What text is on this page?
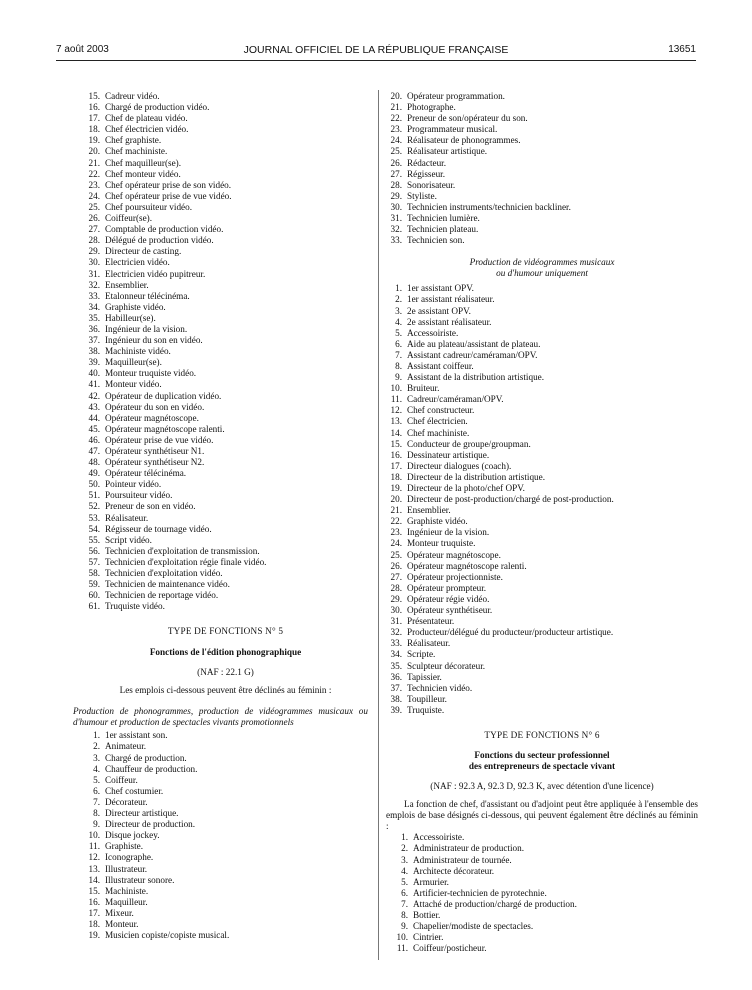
7 août 2003	JOURNAL OFFICIEL DE LA RÉPUBLIQUE FRANÇAISE	13651
15. Cadreur vidéo.
16. Chargé de production vidéo.
17. Chef de plateau vidéo.
18. Chef électricien vidéo.
19. Chef graphiste.
20. Chef machiniste.
21. Chef maquilleur(se).
22. Chef monteur vidéo.
23. Chef opérateur prise de son vidéo.
24. Chef opérateur prise de vue vidéo.
25. Chef poursuiteur vidéo.
26. Coiffeur(se).
27. Comptable de production vidéo.
28. Délégué de production vidéo.
29. Directeur de casting.
30. Electricien vidéo.
31. Electricien vidéo pupitreur.
32. Ensemblier.
33. Etalonneur télécinéma.
34. Graphiste vidéo.
35. Habilleur(se).
36. Ingénieur de la vision.
37. Ingénieur du son en vidéo.
38. Machiniste vidéo.
39. Maquilleur(se).
40. Monteur truquiste vidéo.
41. Monteur vidéo.
42. Opérateur de duplication vidéo.
43. Opérateur du son en vidéo.
44. Opérateur magnétoscope.
45. Opérateur magnétoscope ralenti.
46. Opérateur prise de vue vidéo.
47. Opérateur synthétiseur N1.
48. Opérateur synthétiseur N2.
49. Opérateur télécinéma.
50. Pointeur vidéo.
51. Poursuiteur vidéo.
52. Preneur de son en vidéo.
53. Réalisateur.
54. Régisseur de tournage vidéo.
55. Script vidéo.
56. Technicien d'exploitation de transmission.
57. Technicien d'exploitation régie finale vidéo.
58. Technicien d'exploitation vidéo.
59. Technicien de maintenance vidéo.
60. Technicien de reportage vidéo.
61. Truquiste vidéo.
TYPE DE FONCTIONS N° 5
Fonctions de l'édition phonographique
(NAF : 22.1 G)
Les emplois ci-dessous peuvent être déclinés au féminin :
Production de phonogrammes, production de vidéogrammes musicaux ou d'humour et production de spectacles vivants promotionnels
1. 1er assistant son.
2. Animateur.
3. Chargé de production.
4. Chauffeur de production.
5. Coiffeur.
6. Chef costumier.
7. Décorateur.
8. Directeur artistique.
9. Directeur de production.
10. Disque jockey.
11. Graphiste.
12. Iconographe.
13. Illustrateur.
14. Illustrateur sonore.
15. Machiniste.
16. Maquilleur.
17. Mixeur.
18. Monteur.
19. Musicien copiste/copiste musical.
20. Opérateur programmation.
21. Photographe.
22. Preneur de son/opérateur du son.
23. Programmateur musical.
24. Réalisateur de phonogrammes.
25. Réalisateur artistique.
26. Rédacteur.
27. Régisseur.
28. Sonorisateur.
29. Styliste.
30. Technicien instruments/technicien backliner.
31. Technicien lumière.
32. Technicien plateau.
33. Technicien son.
Production de vidéogrammes musicaux
ou d'humour uniquement
1. 1er assistant OPV.
2. 1er assistant réalisateur.
3. 2e assistant OPV.
4. 2e assistant réalisateur.
5. Accessoiriste.
6. Aide au plateau/assistant de plateau.
7. Assistant cadreur/caméraman/OPV.
8. Assistant coiffeur.
9. Assistant de la distribution artistique.
10. Bruiteur.
11. Cadreur/caméraman/OPV.
12. Chef constructeur.
13. Chef électricien.
14. Chef machiniste.
15. Conducteur de groupe/groupman.
16. Dessinateur artistique.
17. Directeur dialogues (coach).
18. Directeur de la distribution artistique.
19. Directeur de la photo/chef OPV.
20. Directeur de post-production/chargé de post-production.
21. Ensemblier.
22. Graphiste vidéo.
23. Ingénieur de la vision.
24. Monteur truquiste.
25. Opérateur magnétoscope.
26. Opérateur magnétoscope ralenti.
27. Opérateur projectionniste.
28. Opérateur prompteur.
29. Opérateur régie vidéo.
30. Opérateur synthétiseur.
31. Présentateur.
32. Producteur/délégué du producteur/producteur artistique.
33. Réalisateur.
34. Scripte.
35. Sculpteur décorateur.
36. Tapissier.
37. Technicien vidéo.
38. Toupilleur.
39. Truquiste.
TYPE DE FONCTIONS N° 6
Fonctions du secteur professionnel
des entrepreneurs de spectacle vivant
(NAF : 92.3 A, 92.3 D, 92.3 K, avec détention d'une licence)
La fonction de chef, d'assistant ou d'adjoint peut être appliquée à l'ensemble des emplois de base désignés ci-dessous, qui peuvent également être déclinés au féminin :
1. Accessoiriste.
2. Administrateur de production.
3. Administrateur de tournée.
4. Architecte décorateur.
5. Armurier.
6. Artificier-technicien de pyrotechnie.
7. Attaché de production/chargé de production.
8. Bottier.
9. Chapelier/modiste de spectacles.
10. Cintrier.
11. Coiffeur/posticheur.
